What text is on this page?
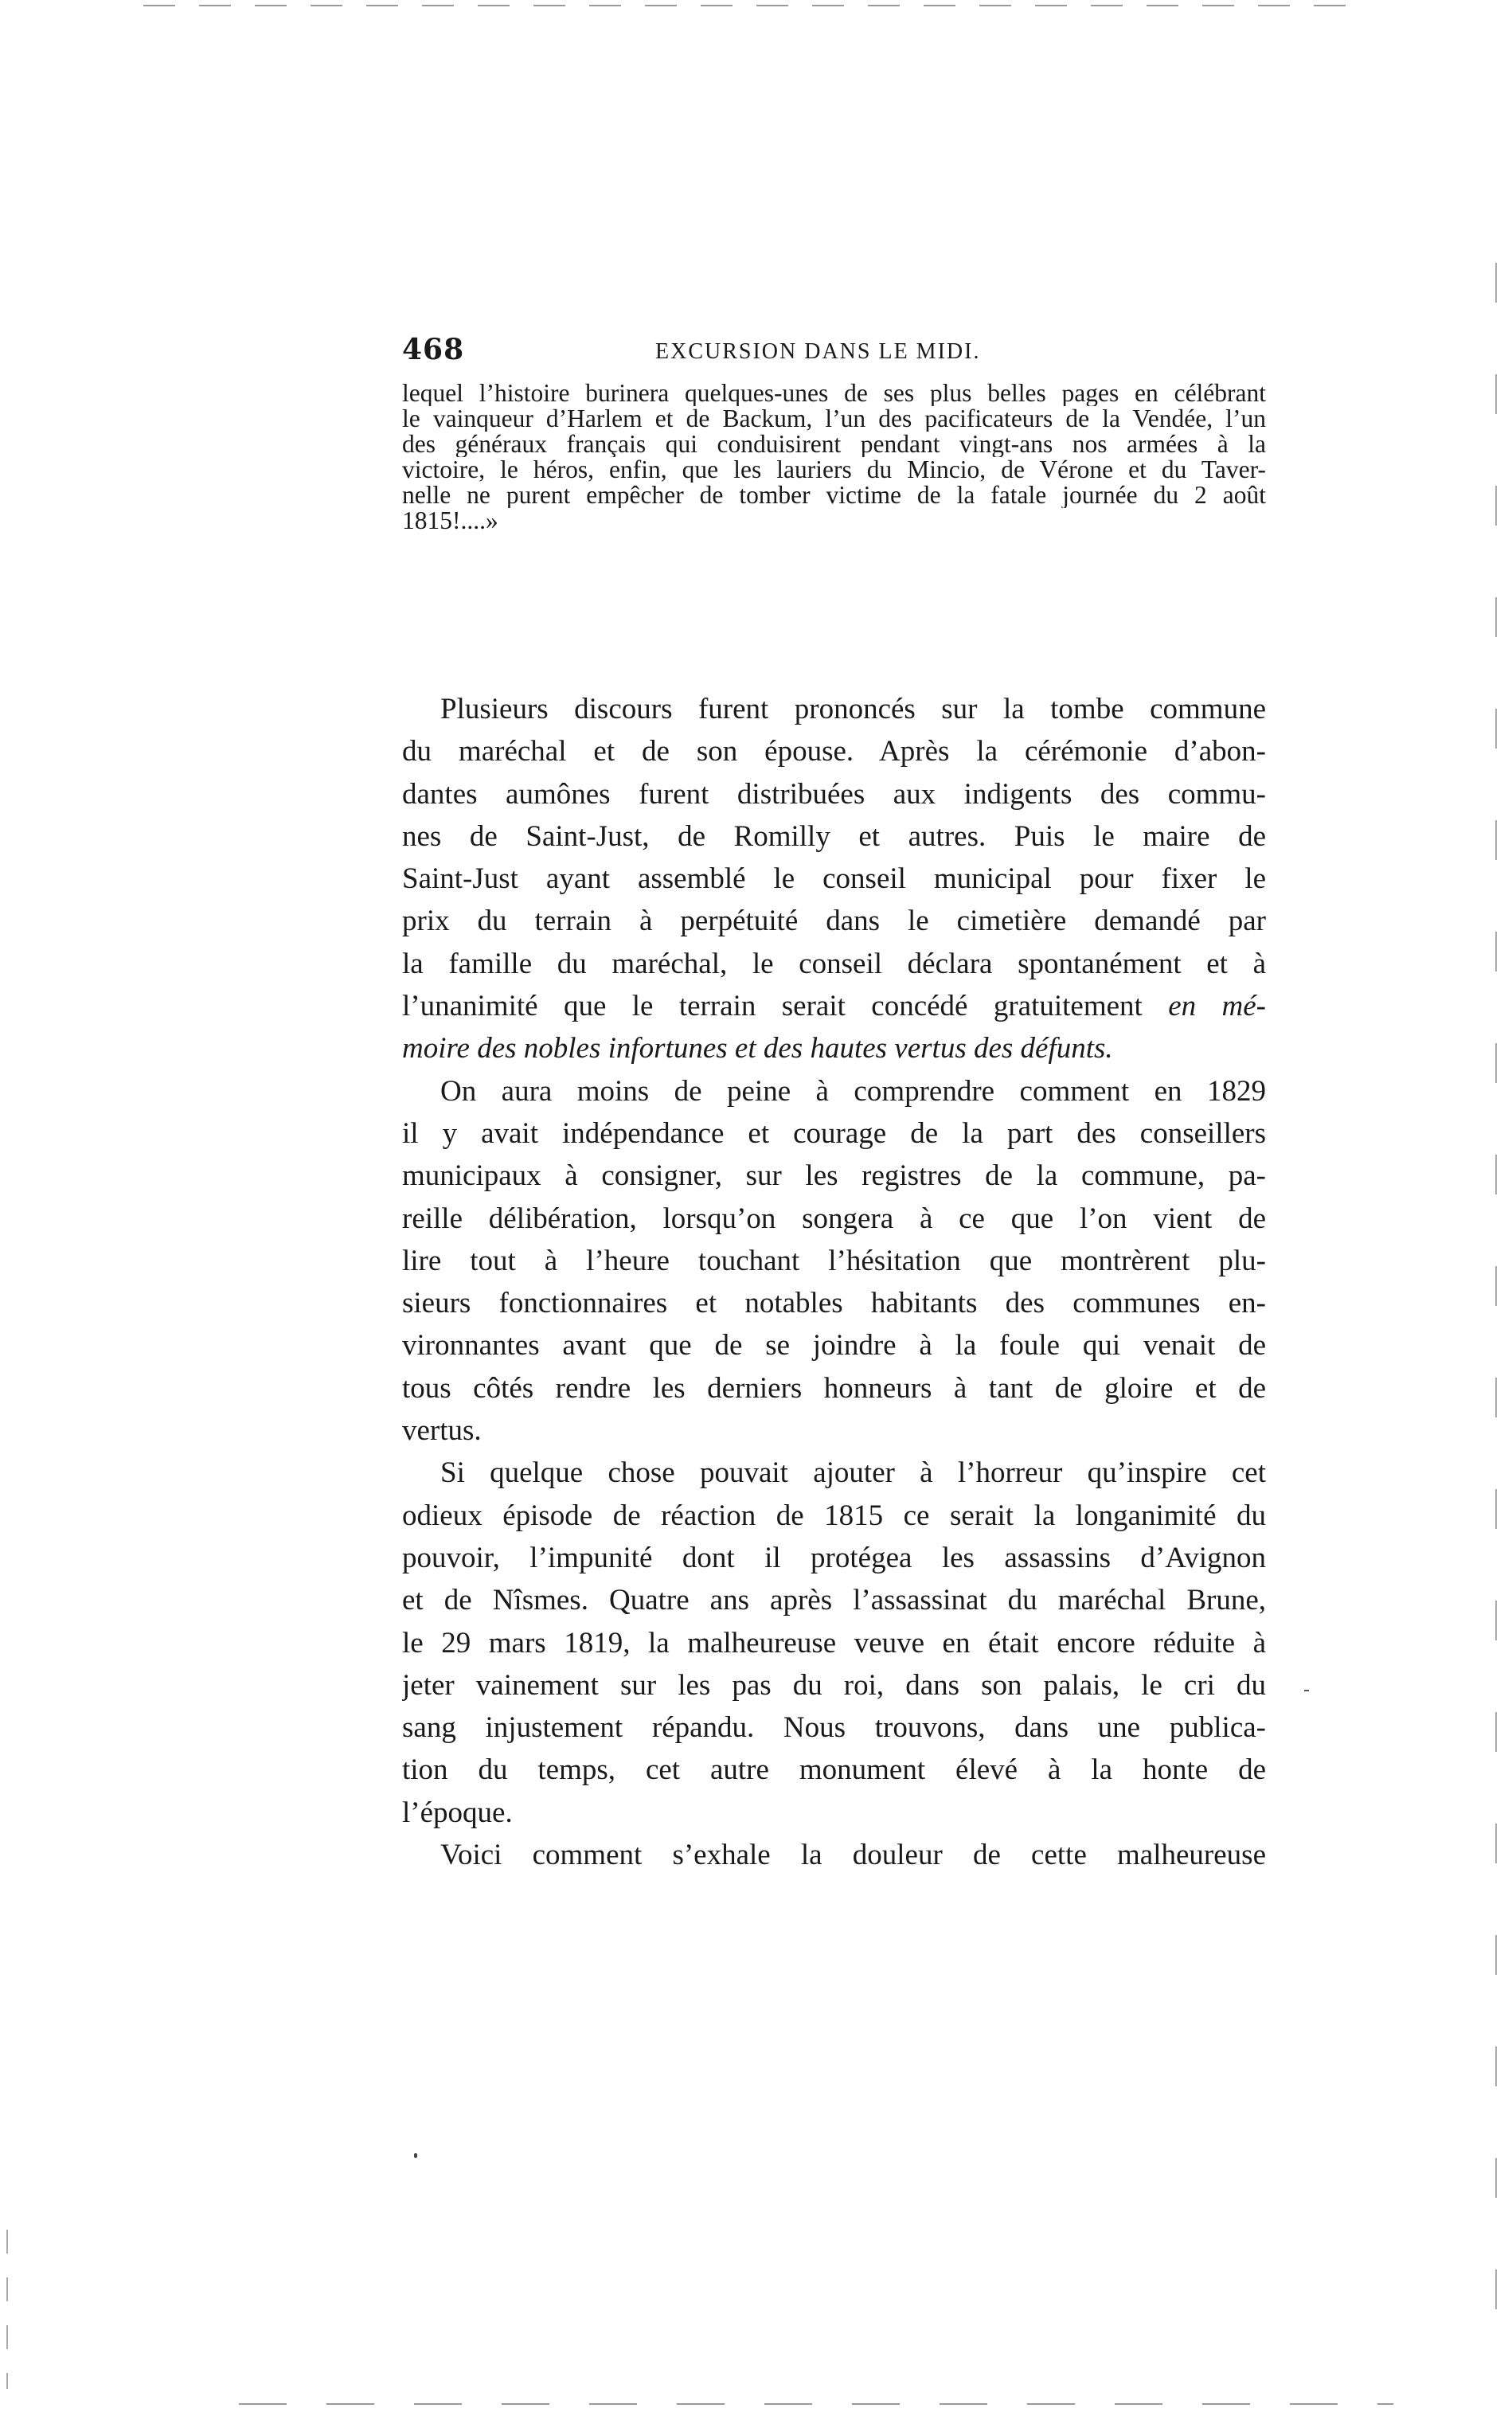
468	EXCURSION DANS LE MIDI.
lequel l’histoire burinera quelques-unes de ses plus belles pages en célébrant
le vainqueur d’Harlem et de Backum, l’un des pacificateurs de la Vendée, l’un
des généraux français qui conduisirent pendant vingt-ans nos armées à la
victoire, le héros, enfin, que les lauriers du Mincio, de Vérone et du Taver-
nelle ne purent empêcher de tomber victime de la fatale journée du 2 août
1815!....»
Plusieurs discours furent prononcés sur la tombe commune
du maréchal et de son épouse. Après la cérémonie d’abon-
dantes aumônes furent distribuées aux indigents des commu-
nes de Saint-Just, de Romilly et autres. Puis le maire de
Saint-Just ayant assemblé le conseil municipal pour fixer le
prix du terrain à perpétuité dans le cimetière demandé par
la famille du maréchal, le conseil déclara spontanément et à
l’unanimité que le terrain serait concédé gratuitement en mé-
moire des nobles infortunes et des hautes vertus des défunts.
On aura moins de peine à comprendre comment en 1829
il y avait indépendance et courage de la part des conseillers
municipaux à consigner, sur les registres de la commune, pa-
reille délibération, lorsqu’on songera à ce que l’on vient de
lire tout à l’heure touchant l’hésitation que montrèrent plu-
sieurs fonctionnaires et notables habitants des communes en-
vironnantes avant que de se joindre à la foule qui venait de
tous côtés rendre les derniers honneurs à tant de gloire et de
vertus.
Si quelque chose pouvait ajouter à l’horreur qu’inspire cet
odieux épisode de réaction de 1815 ce serait la longanimité du
pouvoir, l’impunité dont il protégea les assassins d’Avignon
et de Nîsmes. Quatre ans après l’assassinat du maréchal Brune,
le 29 mars 1819, la malheureuse veuve en était encore réduite à
jeter vainement sur les pas du roi, dans son palais, le cri du
sang injustement répandu. Nous trouvons, dans une publica-
tion du temps, cet autre monument élevé à la honte de
l’époque.
Voici comment s’exhale la douleur de cette malheureuse
